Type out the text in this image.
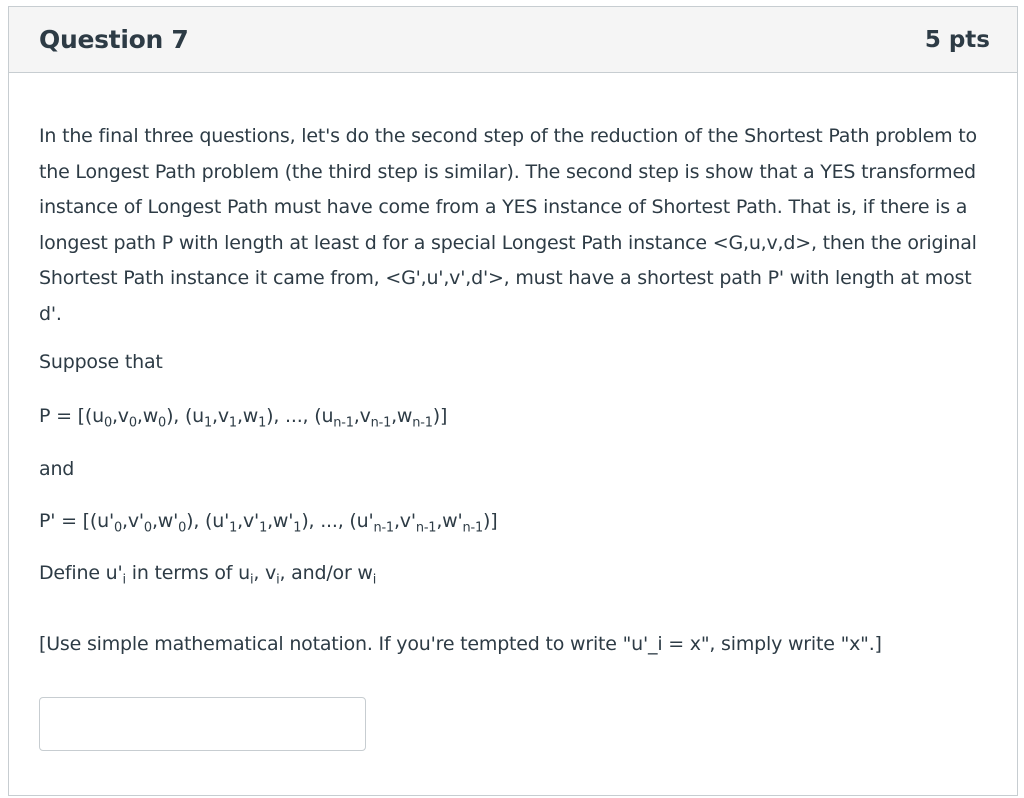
Question 7	5 pts

In the final three questions, let's do the second step of the reduction of the Shortest Path problem to the Longest Path problem (the third step is similar). The second step is show that a YES transformed instance of Longest Path must have come from a YES instance of Shortest Path. That is, if there is a longest path P with length at least d for a special Longest Path instance <G,u,v,d>, then the original Shortest Path instance it came from, <G',u',v',d'>, must have a shortest path P' with length at most d'.

Suppose that

$P = [(u_0,v_0,w_0)$, $(u_1,v_1,w_1)$, ..., $(u_{n-1},v_{n-1},w_{n-1})$]

and

$P' = [(u'_0,v'_0,w'_0)$, $(u'_1,v'_1,w'_1)$, ..., $(u'_{n-1},v'_{n-1},w'_{n-1})$]

Define $u'_i$ in terms of $u_i$, $v_i$, and/or $w_i$

[Use simple mathematical notation. If you're tempted to write "u'_i = x", simply write "x".]
